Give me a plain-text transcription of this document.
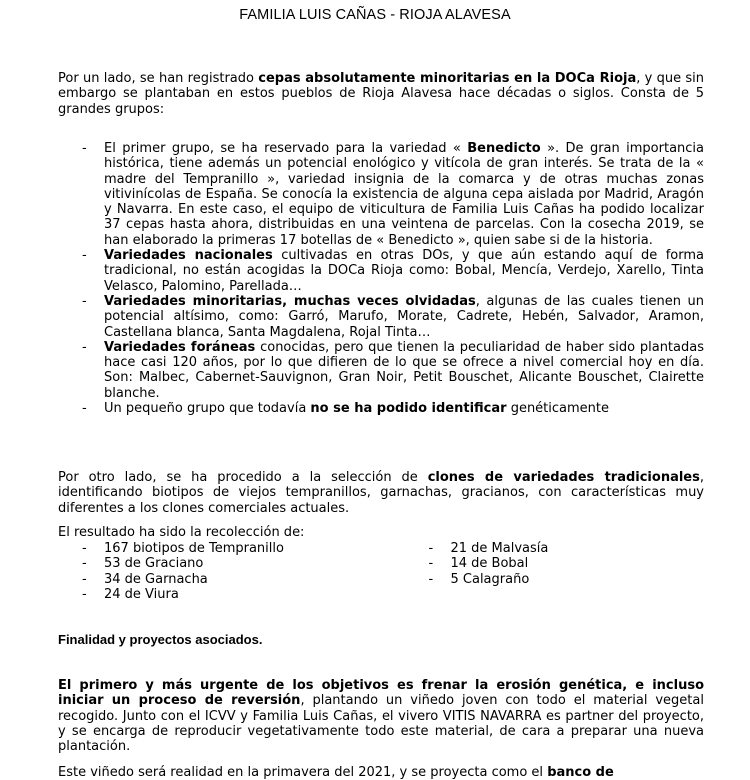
FAMILIA LUIS CAÑAS - RIOJA ALAVESA

Por un lado, se han registrado cepas absolutamente minoritarias en la DOCa Rioja, y que sin embargo se plantaban en estos pueblos de Rioja Alavesa hace décadas o siglos. Consta de 5 grandes grupos:

- El primer grupo, se ha reservado para la variedad « Benedicto ». De gran importancia histórica, tiene además un potencial enológico y vitícola de gran interés. Se trata de la « madre del Tempranillo », variedad insignia de la comarca y de otras muchas zonas vitivinícolas de España. Se conocía la existencia de alguna cepa aislada por Madrid, Aragón y Navarra. En este caso, el equipo de viticultura de Familia Luis Cañas ha podido localizar 37 cepas hasta ahora, distribuidas en una veintena de parcelas. Con la cosecha 2019, se han elaborado la primeras 17 botellas de « Benedicto », quien sabe si de la historia.

- Variedades nacionales cultivadas en otras DOs, y que aún estando aquí de forma tradicional, no están acogidas la DOCa Rioja como: Bobal, Mencía, Verdejo, Xarello, Tinta Velasco, Palomino, Parellada…

- Variedades minoritarias, muchas veces olvidadas, algunas de las cuales tienen un potencial altísimo, como: Garró, Marufo, Morate, Cadrete, Hebén, Salvador, Aramon, Castellana blanca, Santa Magdalena, Rojal Tinta…

- Variedades foráneas conocidas, pero que tienen la peculiaridad de haber sido plantadas hace casi 120 años, por lo que difieren de lo que se ofrece a nivel comercial hoy en día. Son: Malbec, Cabernet-Sauvignon, Gran Noir, Petit Bouschet, Alicante Bouschet, Clairette blanche.

- Un pequeño grupo que todavía no se ha podido identificar genéticamente

Por otro lado, se ha procedido a la selección de clones de variedades tradicionales, identificando biotipos de viejos tempranillos, garnachas, gracianos, con características muy diferentes a los clones comerciales actuales.

El resultado ha sido la recolección de:

- 167 biotipos de Tempranillo

- 53 de Graciano

- 34 de Garnacha

- 24 de Viura

- 21 de Malvasía

- 14 de Bobal

- 5 Calagraño

Finalidad y proyectos asociados.

El primero y más urgente de los objetivos es frenar la erosión genética, e incluso iniciar un proceso de reversión, plantando un viñedo joven con todo el material vegetal recogido. Junto con el ICVV y Familia Luis Cañas, el vivero VITIS NAVARRA es partner del proyecto, y se encarga de reproducir vegetativamente todo este material, de cara a preparar una nueva plantación.

Este viñedo será realidad en la primavera del 2021, y se proyecta como el banco de
